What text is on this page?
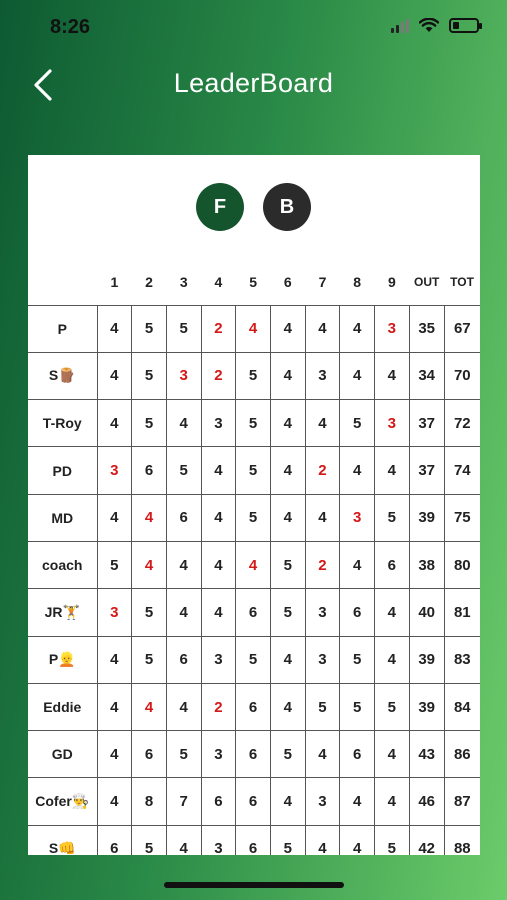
8:26
LeaderBoard
F	B
	1	2	3	4	5	6	7	8	9	OUT	TOT
P	4	5	5	2	4	4	4	4	3	35	67
S🪵	4	5	3	2	5	4	3	4	4	34	70
T-Roy	4	5	4	3	5	4	4	5	3	37	72
PD	3	6	5	4	5	4	2	4	4	37	74
MD	4	4	6	4	5	4	4	3	5	39	75
coach	5	4	4	4	4	5	2	4	6	38	80
JR🏋️	3	5	4	4	6	5	3	6	4	40	81
P👱	4	5	6	3	5	4	3	5	4	39	83
Eddie	4	4	4	2	6	4	5	5	5	39	84
GD	4	6	5	3	6	5	4	6	4	43	86
Cofer👨‍🍳	4	8	7	6	6	4	3	4	4	46	87
S👊	6	5	4	3	6	5	4	4	5	42	88
